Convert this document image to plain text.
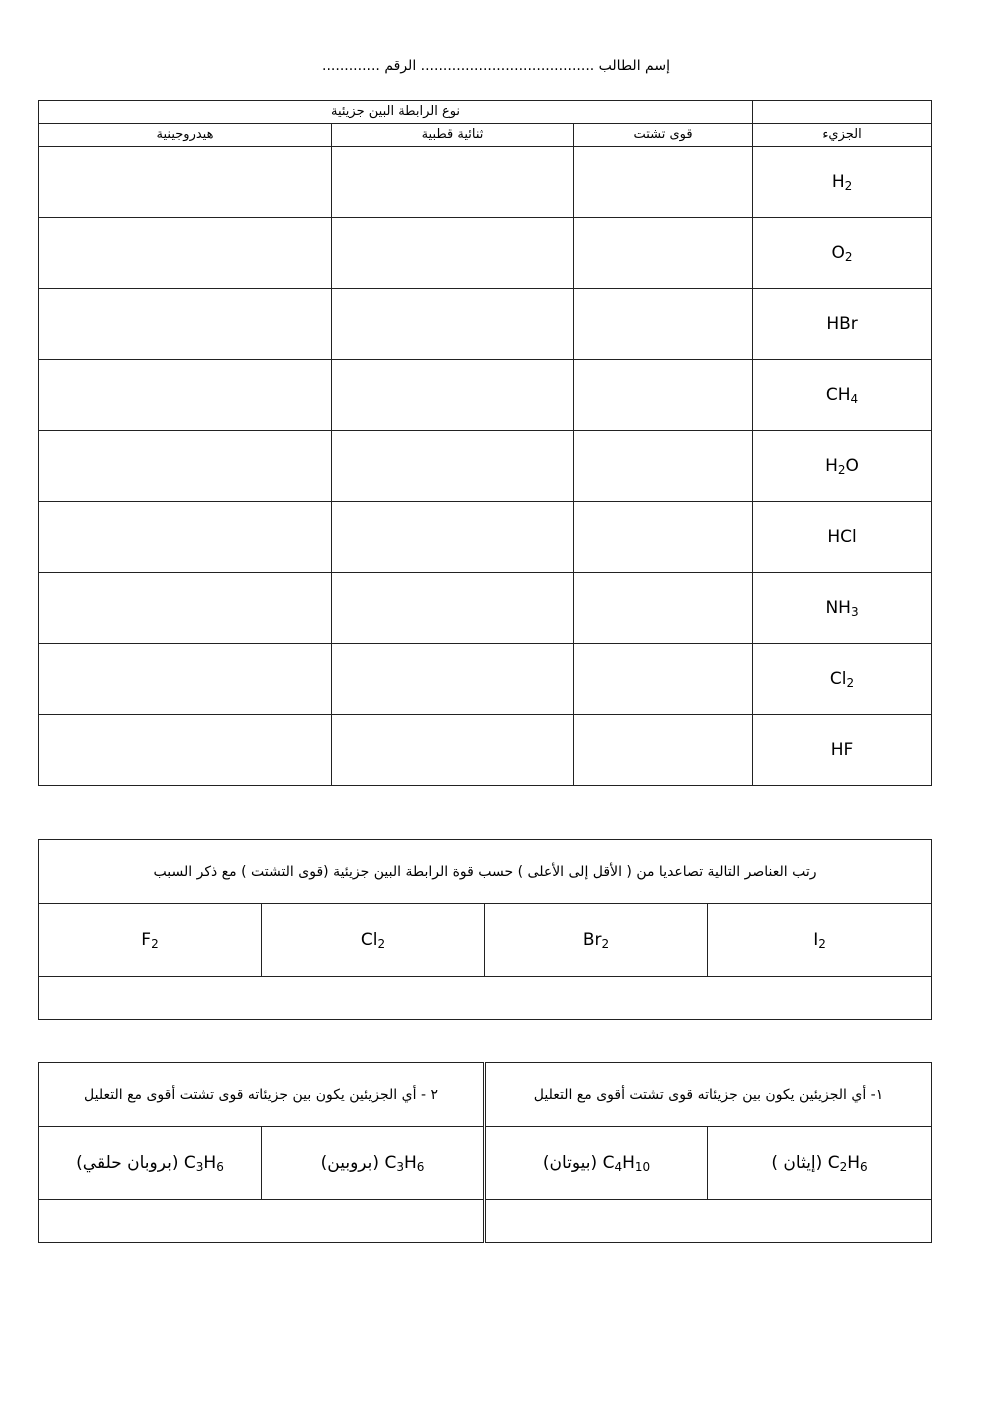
إسم الطالب ....................................... الرقم .............
نوع الرابطة البين جزيئية			
هيدروجينية	ثنائية قطبية	قوى تشتت	الجزيء
			$H_2$
			$O_2$
			HBr
			$CH_4$
			$H_2O$
			HCl
			$NH_3$
			$Cl_2$
			HF
رتب العناصر التالية تصاعديا من ( الأقل إلى الأعلى ) حسب قوة الرابطة البين جزيئية (قوى التشتت ) مع ذكر السبب
$F_2$	$Cl_2$	$Br_2$	$I_2$

٢ - أي الجزيئين يكون بين جزيئاته قوى تشتت أقوى مع التعليل		١- أي الجزيئين يكون بين جزيئاته قوى تشتت أقوى مع التعليل	
(بروبان حلقي) $C_3H_6$	(بروبين) $C_3H_6$	(بيوتان) $C_4H_{10}$	( إيثان) $C_2H_6$
